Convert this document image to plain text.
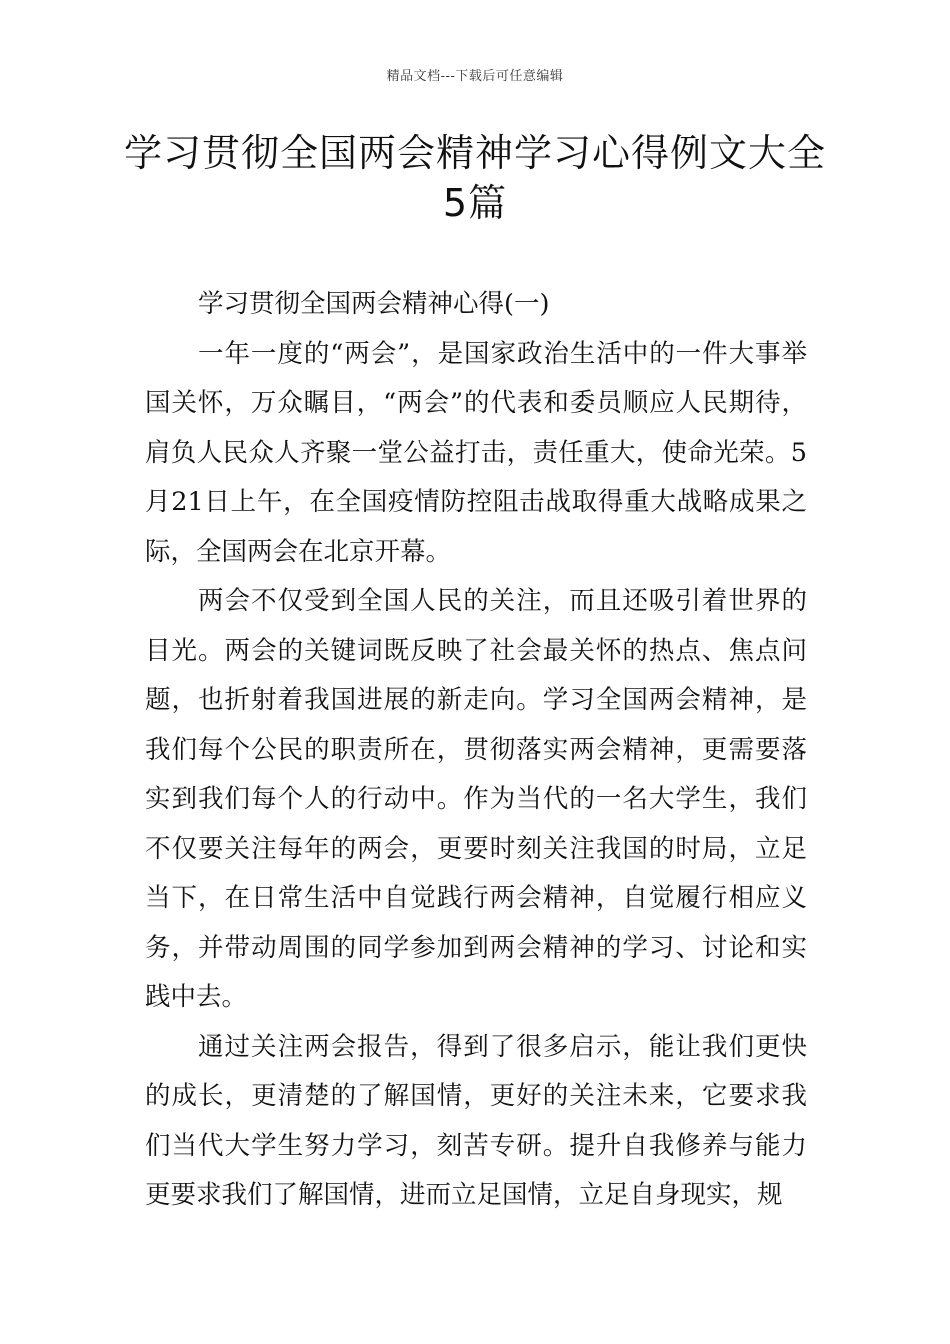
精品文档---下载后可任意编辑
学习贯彻全国两会精神学习心得例文大全5篇
学习贯彻全国两会精神心得(一)

一年一度的“两会”，是国家政治生活中的一件大事举国关怀，万众瞩目，“两会”的代表和委员顺应人民期待，肩负人民众人齐聚一堂公益打击，责任重大，使命光荣。5月21日上午，在全国疫情防控阻击战取得重大战略成果之际，全国两会在北京开幕。

两会不仅受到全国人民的关注，而且还吸引着世界的目光。两会的关键词既反映了社会最关怀的热点、焦点问题，也折射着我国进展的新走向。学习全国两会精神，是我们每个公民的职责所在，贯彻落实两会精神，更需要落实到我们每个人的行动中。作为当代的一名大学生，我们不仅要关注每年的两会，更要时刻关注我国的时局，立足当下，在日常生活中自觉践行两会精神，自觉履行相应义务，并带动周围的同学参加到两会精神的学习、讨论和实践中去。

通过关注两会报告，得到了很多启示，能让我们更快的成长，更清楚的了解国情，更好的关注未来，它要求我们当代大学生努力学习，刻苦专研。提升自我修养与能力更要求我们了解国情，进而立足国情，立足自身现实，规
